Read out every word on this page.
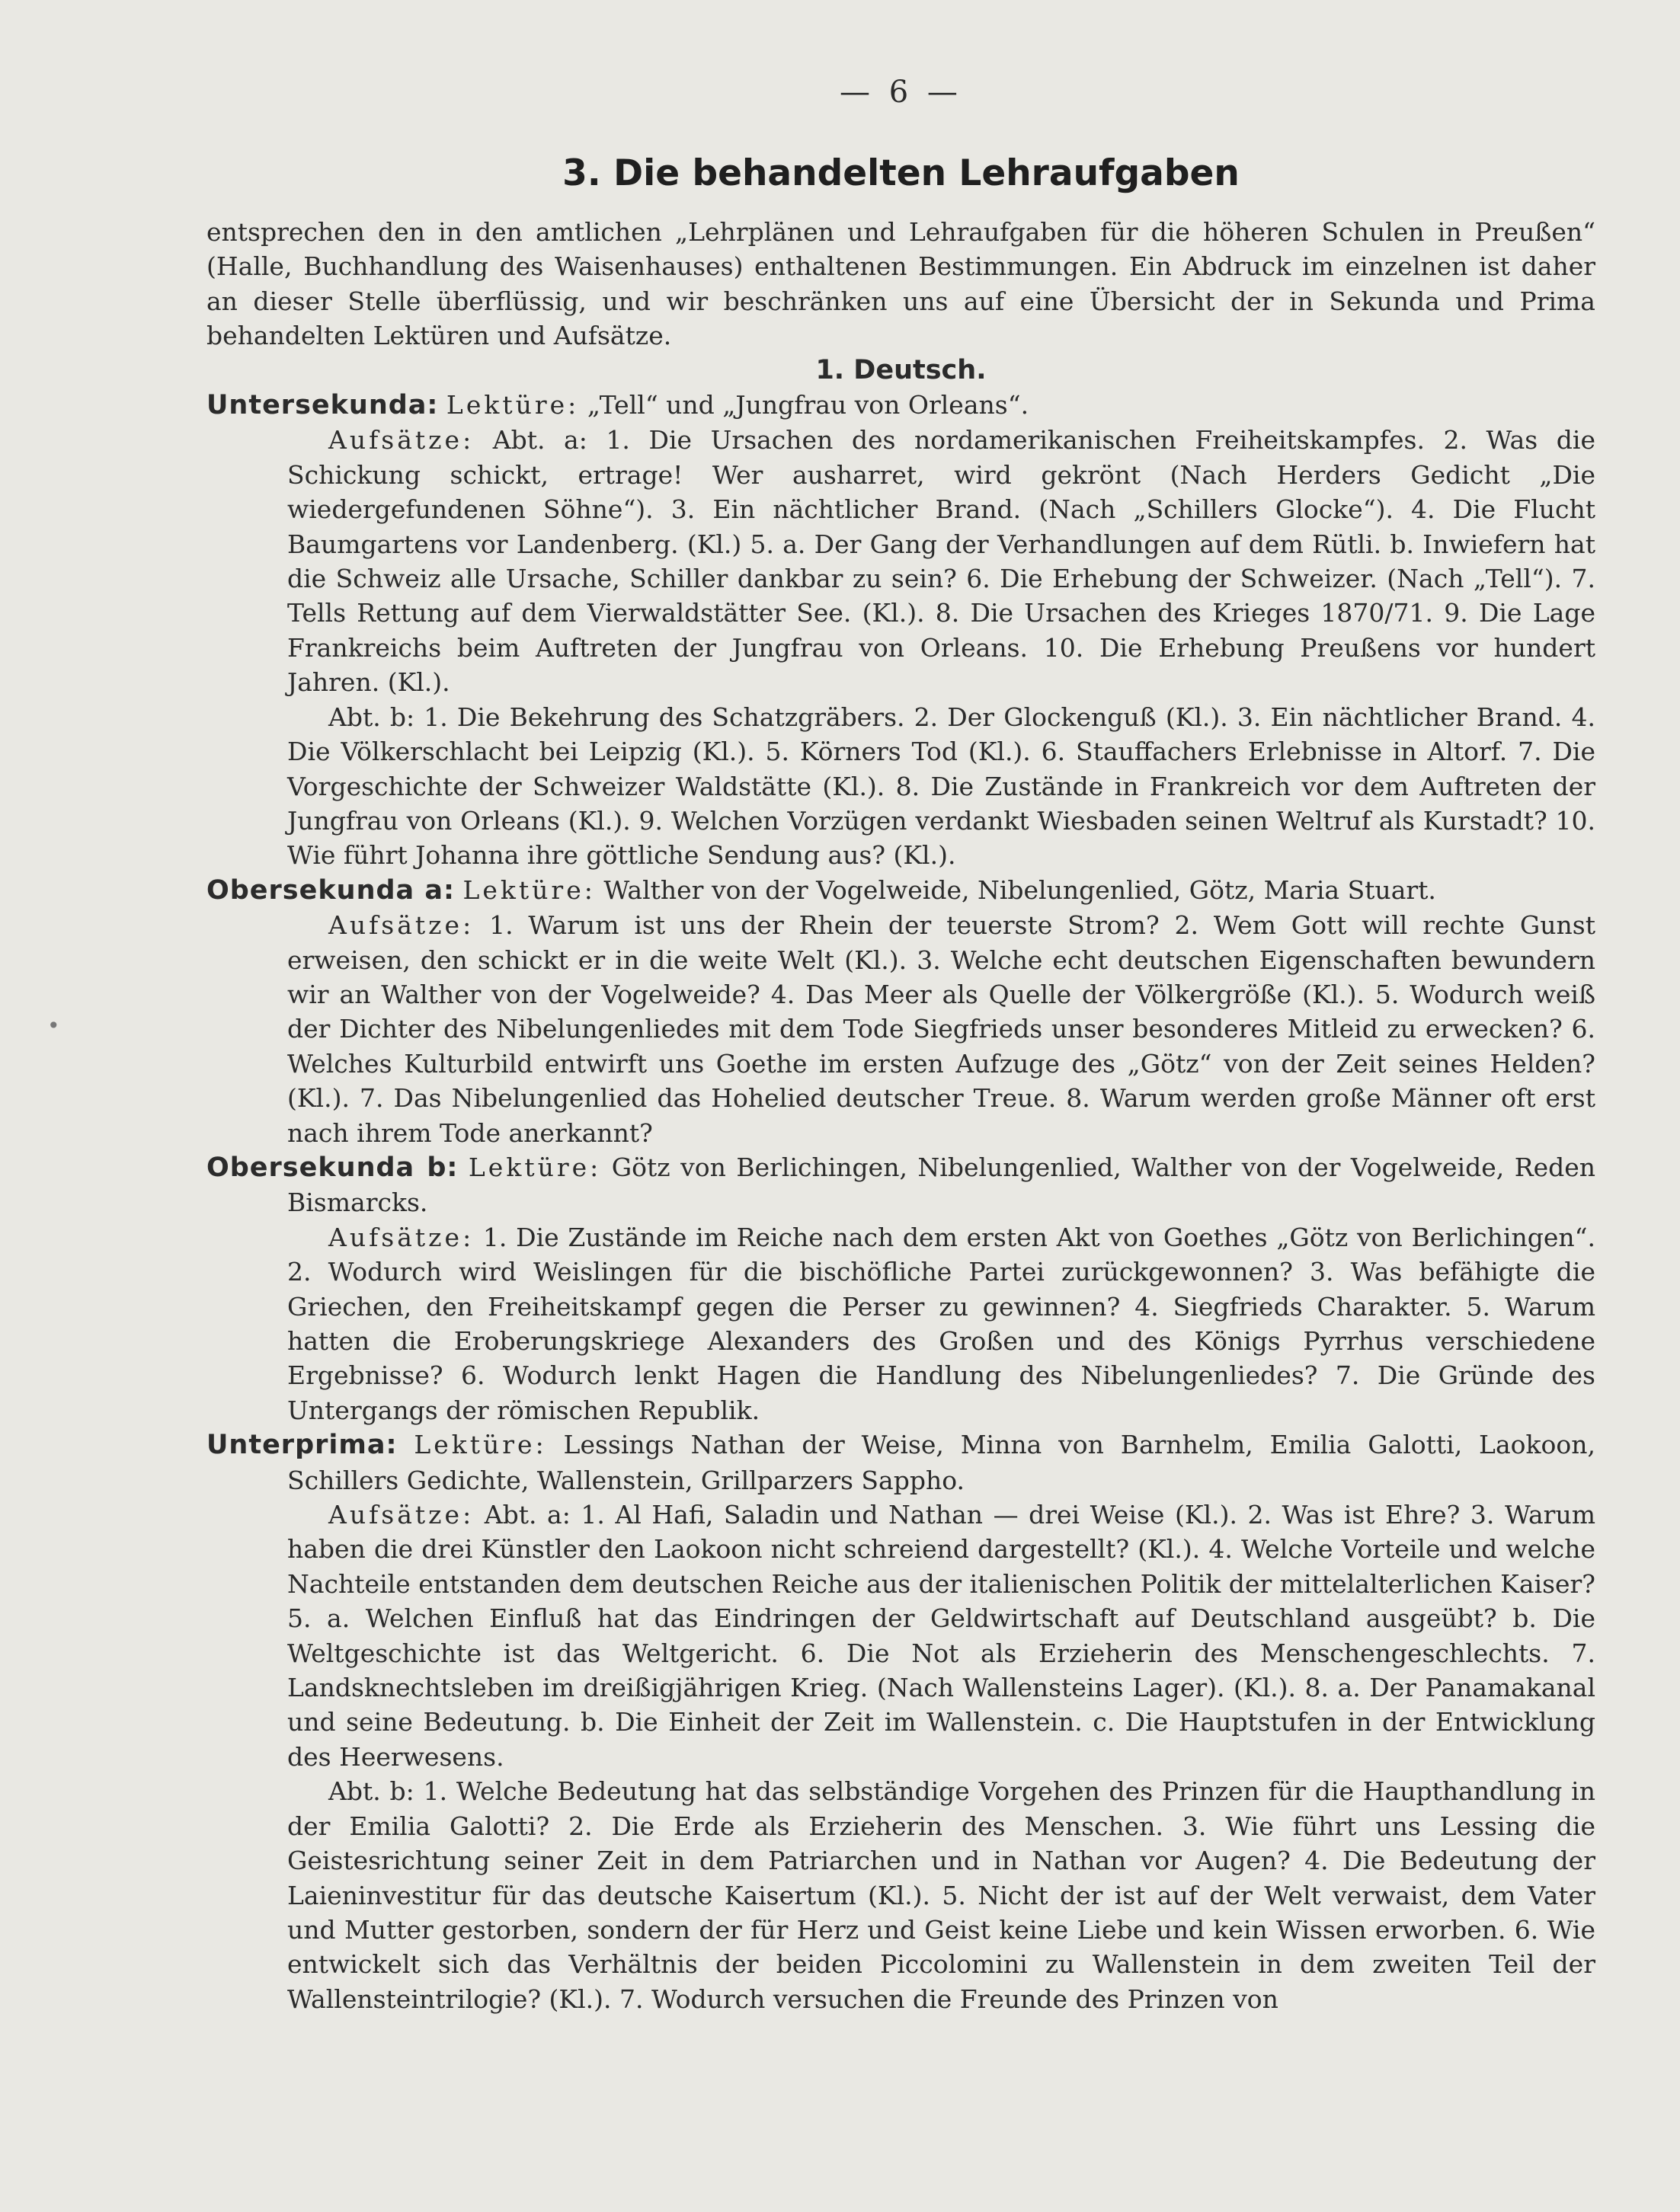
— 6 —
3. Die behandelten Lehraufgaben
•

entsprechen den in den amtlichen „Lehrplänen und Lehraufgaben für die höheren Schulen in Preußen“ (Halle, Buchhandlung des Waisenhauses) enthaltenen Bestimmungen. Ein Abdruck im einzelnen ist daher an dieser Stelle überflüssig, und wir beschränken uns auf eine Übersicht der in Sekunda und Prima behandelten Lektüren und Aufsätze.

1. Deutsch.

Untersekunda: Lektüre: „Tell“ und „Jungfrau von Orleans“.

Aufsätze: Abt. a: 1. Die Ursachen des nordamerikanischen Freiheitskampfes. 2. Was die Schickung schickt, ertrage! Wer ausharret, wird gekrönt (Nach Herders Gedicht „Die wiedergefundenen Söhne“). 3. Ein nächtlicher Brand. (Nach „Schillers Glocke“). 4. Die Flucht Baumgartens vor Landenberg. (Kl.) 5. a. Der Gang der Verhandlungen auf dem Rütli. b. Inwiefern hat die Schweiz alle Ursache, Schiller dankbar zu sein? 6. Die Erhebung der Schweizer. (Nach „Tell“). 7. Tells Rettung auf dem Vierwaldstätter See. (Kl.). 8. Die Ursachen des Krieges 1870/71. 9. Die Lage Frankreichs beim Auftreten der Jungfrau von Orleans. 10. Die Erhebung Preußens vor hundert Jahren. (Kl.).

Abt. b: 1. Die Bekehrung des Schatzgräbers. 2. Der Glockenguß (Kl.). 3. Ein nächtlicher Brand. 4. Die Völkerschlacht bei Leipzig (Kl.). 5. Körners Tod (Kl.). 6. Stauffachers Erlebnisse in Altorf. 7. Die Vorgeschichte der Schweizer Waldstätte (Kl.). 8. Die Zustände in Frankreich vor dem Auftreten der Jungfrau von Orleans (Kl.). 9. Welchen Vorzügen verdankt Wiesbaden seinen Weltruf als Kurstadt? 10. Wie führt Johanna ihre göttliche Sendung aus? (Kl.).

Obersekunda a: Lektüre: Walther von der Vogelweide, Nibelungenlied, Götz, Maria Stuart.

Aufsätze: 1. Warum ist uns der Rhein der teuerste Strom? 2. Wem Gott will rechte Gunst erweisen, den schickt er in die weite Welt (Kl.). 3. Welche echt deutschen Eigenschaften bewundern wir an Walther von der Vogelweide? 4. Das Meer als Quelle der Völkergröße (Kl.). 5. Wodurch weiß der Dichter des Nibelungenliedes mit dem Tode Siegfrieds unser besonderes Mitleid zu erwecken? 6. Welches Kulturbild entwirft uns Goethe im ersten Aufzuge des „Götz“ von der Zeit seines Helden? (Kl.). 7. Das Nibelungenlied das Hohelied deutscher Treue. 8. Warum werden große Männer oft erst nach ihrem Tode anerkannt?

Obersekunda b: Lektüre: Götz von Berlichingen, Nibelungenlied, Walther von der Vogelweide, Reden Bismarcks.

Aufsätze: 1. Die Zustände im Reiche nach dem ersten Akt von Goethes „Götz von Berlichingen“. 2. Wodurch wird Weislingen für die bischöfliche Partei zurückgewonnen? 3. Was befähigte die Griechen, den Freiheitskampf gegen die Perser zu gewinnen? 4. Siegfrieds Charakter. 5. Warum hatten die Eroberungskriege Alexanders des Großen und des Königs Pyrrhus verschiedene Ergebnisse? 6. Wodurch lenkt Hagen die Handlung des Nibelungenliedes? 7. Die Gründe des Untergangs der römischen Republik.

Unterprima: Lektüre: Lessings Nathan der Weise, Minna von Barnhelm, Emilia Galotti, Laokoon, Schillers Gedichte, Wallenstein, Grillparzers Sappho.

Aufsätze: Abt. a: 1. Al Hafi, Saladin und Nathan — drei Weise (Kl.). 2. Was ist Ehre? 3. Warum haben die drei Künstler den Laokoon nicht schreiend dargestellt? (Kl.). 4. Welche Vorteile und welche Nachteile entstanden dem deutschen Reiche aus der italienischen Politik der mittelalterlichen Kaiser? 5. a. Welchen Einfluß hat das Eindringen der Geldwirtschaft auf Deutschland ausgeübt? b. Die Weltgeschichte ist das Weltgericht. 6. Die Not als Erzieherin des Menschengeschlechts. 7. Landsknechtsleben im dreißigjährigen Krieg. (Nach Wallensteins Lager). (Kl.). 8. a. Der Panamakanal und seine Bedeutung. b. Die Einheit der Zeit im Wallenstein. c. Die Hauptstufen in der Entwicklung des Heerwesens.

Abt. b: 1. Welche Bedeutung hat das selbständige Vorgehen des Prinzen für die Haupthandlung in der Emilia Galotti? 2. Die Erde als Erzieherin des Menschen. 3. Wie führt uns Lessing die Geistesrichtung seiner Zeit in dem Patriarchen und in Nathan vor Augen? 4. Die Bedeutung der Laieninvestitur für das deutsche Kaisertum (Kl.). 5. Nicht der ist auf der Welt verwaist, dem Vater und Mutter gestorben, sondern der für Herz und Geist keine Liebe und kein Wissen erworben. 6. Wie entwickelt sich das Verhältnis der beiden Piccolomini zu Wallenstein in dem zweiten Teil der Wallensteintrilogie? (Kl.). 7. Wodurch versuchen die Freunde des Prinzen von
